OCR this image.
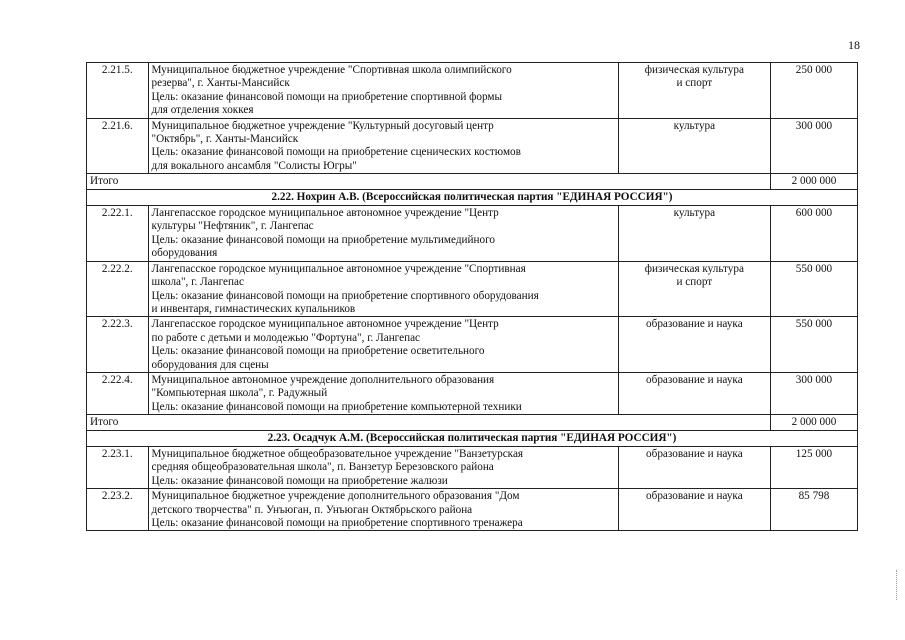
18
2.21.5.	Муниципальное бюджетное учреждение "Спортивная школа олимпийского
резерва", г. Ханты-Мансийск
Цель: оказание финансовой помощи на приобретение спортивной формы
для отделения хоккея	физическая культура
и спорт	250 000
2.21.6.	Муниципальное бюджетное учреждение "Культурный досуговый центр
"Октябрь", г. Ханты-Мансийск
Цель: оказание финансовой помощи на приобретение сценических костюмов
для вокального ансамбля "Солисты Югры"	культура	300 000
Итого			2 000 000
2.22. Нохрин А.В. (Всероссийская политическая партия "ЕДИНАЯ РОССИЯ")			
2.22.1.	Лангепасское городское муниципальное автономное учреждение "Центр
культуры "Нефтяник", г. Лангепас
Цель: оказание финансовой помощи на приобретение мультимедийного
оборудования	культура	600 000
2.22.2.	Лангепасское городское муниципальное автономное учреждение "Спортивная
школа", г. Лангепас
Цель: оказание финансовой помощи на приобретение спортивного оборудования
и инвентаря, гимнастических купальников	физическая культура
и спорт	550 000
2.22.3.	Лангепасское городское муниципальное автономное учреждение "Центр
по работе с детьми и молодежью "Фортуна", г. Лангепас
Цель: оказание финансовой помощи на приобретение осветительного
оборудования для сцены	образование и наука	550 000
2.22.4.	Муниципальное автономное учреждение дополнительного образования
"Компьютерная школа", г. Радужный
Цель: оказание финансовой помощи на приобретение компьютерной техники	образование и наука	300 000
Итого			2 000 000
2.23. Осадчук А.М. (Всероссийская политическая партия "ЕДИНАЯ РОССИЯ")			
2.23.1.	Муниципальное бюджетное общеобразовательное учреждение "Ванзетурская
средняя общеобразовательная школа", п. Ванзетур Березовского района
Цель: оказание финансовой помощи на приобретение жалюзи	образование и наука	125 000
2.23.2.	Муниципальное бюджетное учреждение дополнительного образования "Дом
детского творчества" п. Унъюган, п. Унъюган Октябрьского района
Цель: оказание финансовой помощи на приобретение спортивного тренажера	образование и наука	85 798
